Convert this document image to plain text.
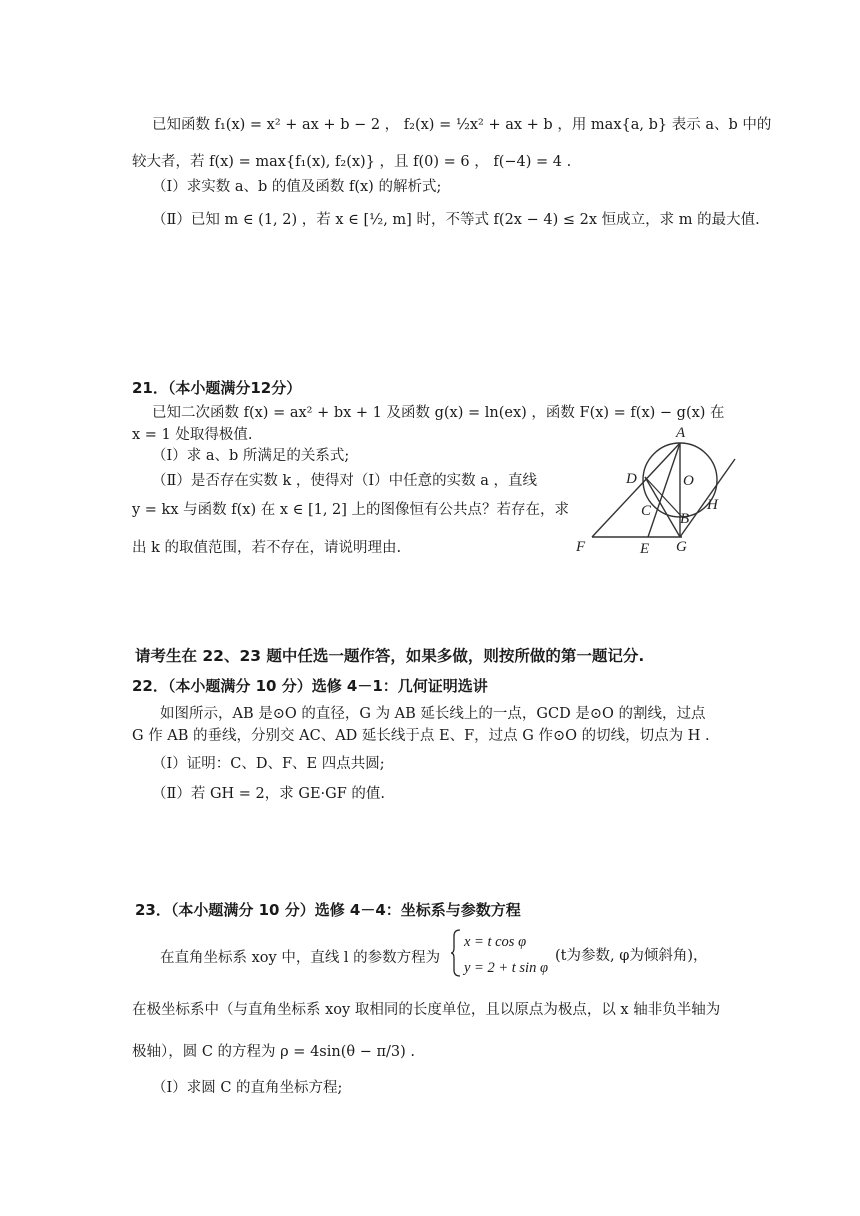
已知函数 f₁(x) = x² + ax + b − 2 ， f₂(x) = ½x² + ax + b ，用 max{a, b} 表示 a、b 中的
较大者，若 f(x) = max{f₁(x), f₂(x)} ，且 f(0) = 6 ， f(−4) = 4 .
（Ⅰ）求实数 a、b 的值及函数 f(x) 的解析式;
（Ⅱ）已知 m ∈ (1, 2) ，若 x ∈ [½, m] 时，不等式 f(2x − 4) ≤ 2x 恒成立，求 m 的最大值.
21．（本小题满分12分）
已知二次函数 f(x) = ax² + bx + 1 及函数 g(x) = ln(ex) ，函数 F(x) = f(x) − g(x) 在
x = 1 处取得极值.
（Ⅰ）求 a、b 所满足的关系式;
（Ⅱ）是否存在实数 k ，使得对（Ⅰ）中任意的实数 a ，直线
y = kx 与函数 f(x) 在 x ∈ [1, 2] 上的图像恒有公共点？若存在，求
出 k 的取值范围，若不存在，请说明理由.
A
D	O
C	H
B
F	E G
请考生在 22、23 题中任选一题作答，如果多做，则按所做的第一题记分.
22．（本小题满分 10 分）选修 4－1：几何证明选讲
如图所示，AB 是⊙O 的直径，G 为 AB 延长线上的一点，GCD 是⊙O 的割线，过点
G 作 AB 的垂线，分别交 AC、AD 延长线于点 E、F，过点 G 作⊙O 的切线，切点为 H .
（Ⅰ）证明：C、D、F、E 四点共圆;
（Ⅱ）若 GH = 2，求 GE·GF 的值.
23．（本小题满分 10 分）选修 4－4：坐标系与参数方程
在直角坐标系 xoy 中，直线 l 的参数方程为
x = t cos φ
y = 2 + t sin φ
(t为参数, φ为倾斜角)，
在极坐标系中（与直角坐标系 xoy 取相同的长度单位，且以原点为极点，以 x 轴非负半轴为
极轴），圆 C 的方程为 ρ = 4sin(θ − π/3) .
（Ⅰ）求圆 C 的直角坐标方程;
